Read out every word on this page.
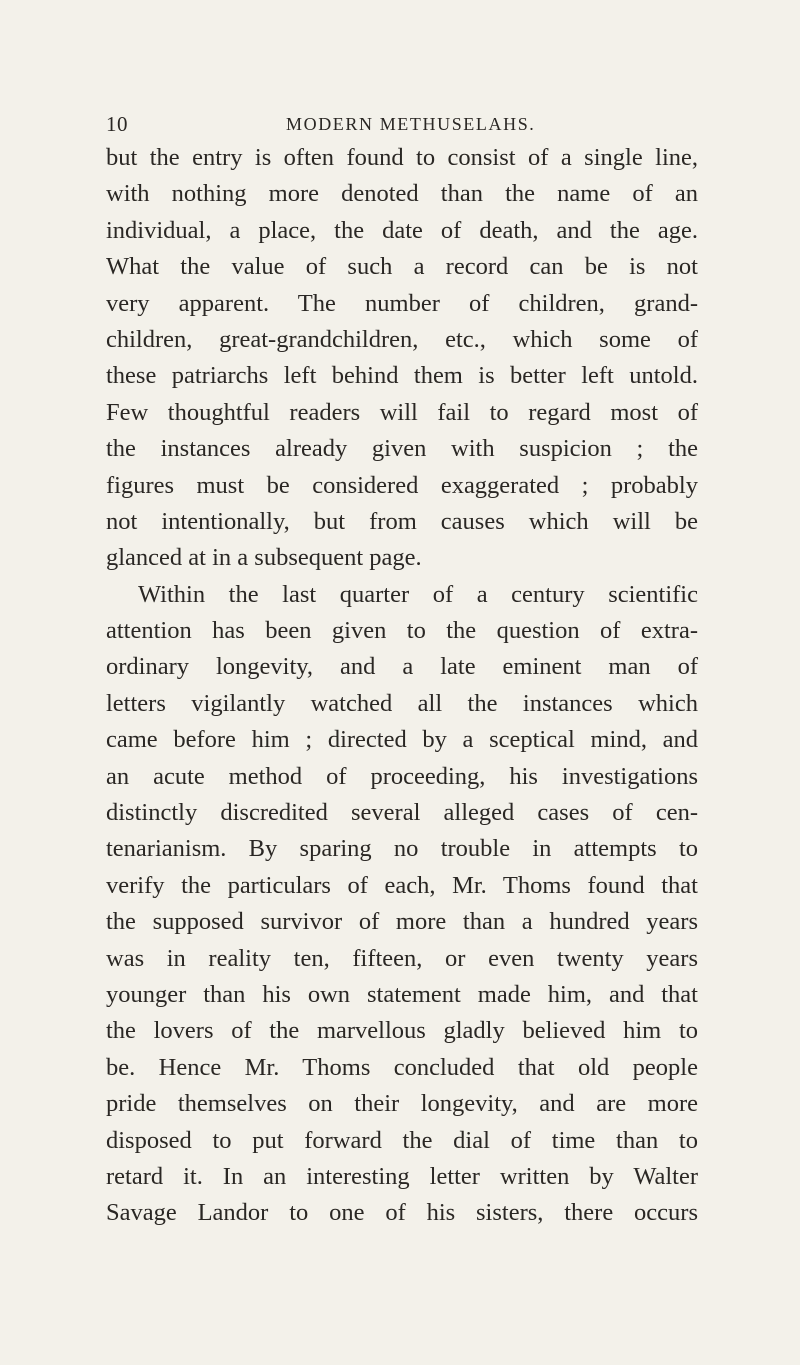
10	MODERN METHUSELAHS.
but the entry is often found to consist of a single line,
with nothing more denoted than the name of an
individual, a place, the date of death, and the age.
What the value of such a record can be is not
very apparent. The number of children, grand-
children, great-grandchildren, etc., which some of
these patriarchs left behind them is better left untold.
Few thoughtful readers will fail to regard most of
the instances already given with suspicion ; the
figures must be considered exaggerated ; probably
not intentionally, but from causes which will be
glanced at in a subsequent page.
Within the last quarter of a century scientific
attention has been given to the question of extra-
ordinary longevity, and a late eminent man of
letters vigilantly watched all the instances which
came before him ; directed by a sceptical mind, and
an acute method of proceeding, his investigations
distinctly discredited several alleged cases of cen-
tenarianism. By sparing no trouble in attempts to
verify the particulars of each, Mr. Thoms found that
the supposed survivor of more than a hundred years
was in reality ten, fifteen, or even twenty years
younger than his own statement made him, and that
the lovers of the marvellous gladly believed him to
be. Hence Mr. Thoms concluded that old people
pride themselves on their longevity, and are more
disposed to put forward the dial of time than to
retard it. In an interesting letter written by Walter
Savage Landor to one of his sisters, there occurs
